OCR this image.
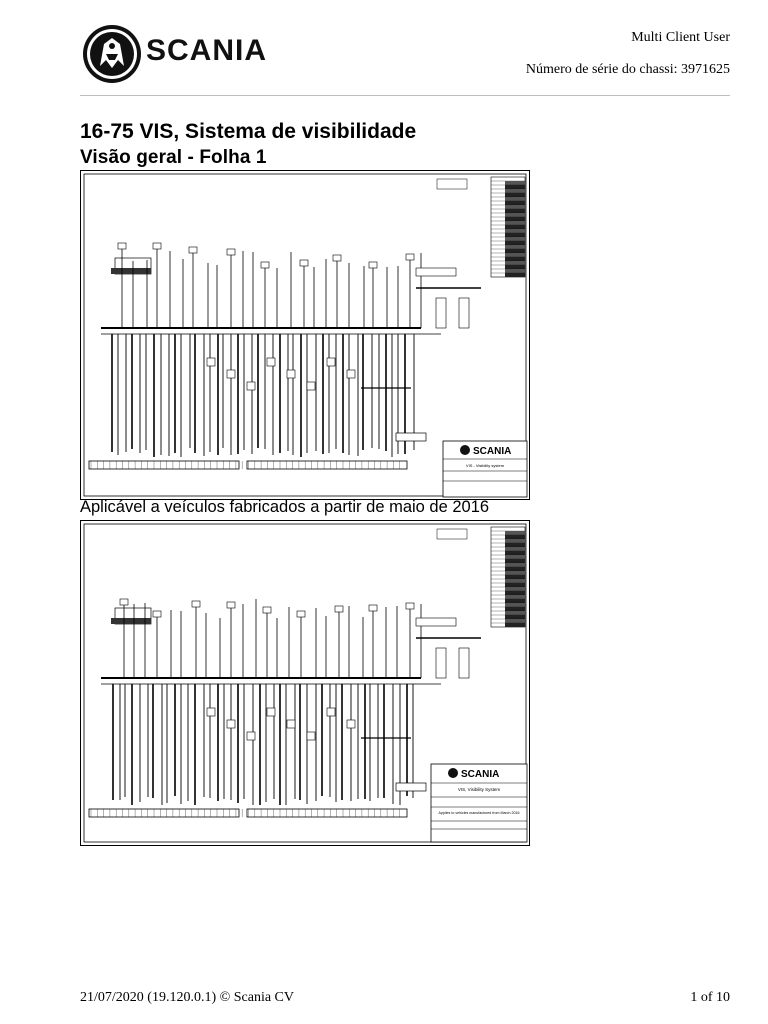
SCANIA	Multi Client User
Número de série do chassi: 3971625
16-75 VIS, Sistema de visibilidade
Visão geral - Folha 1
SCANIA
VIS - Visibility system
Aplicável a veículos fabricados a partir de maio de 2016
SCANIA
VIS, Visibility System
Applies to vehicles manufactured from March 2016
21/07/2020 (19.120.0.1) © Scania CV	1 of 10
